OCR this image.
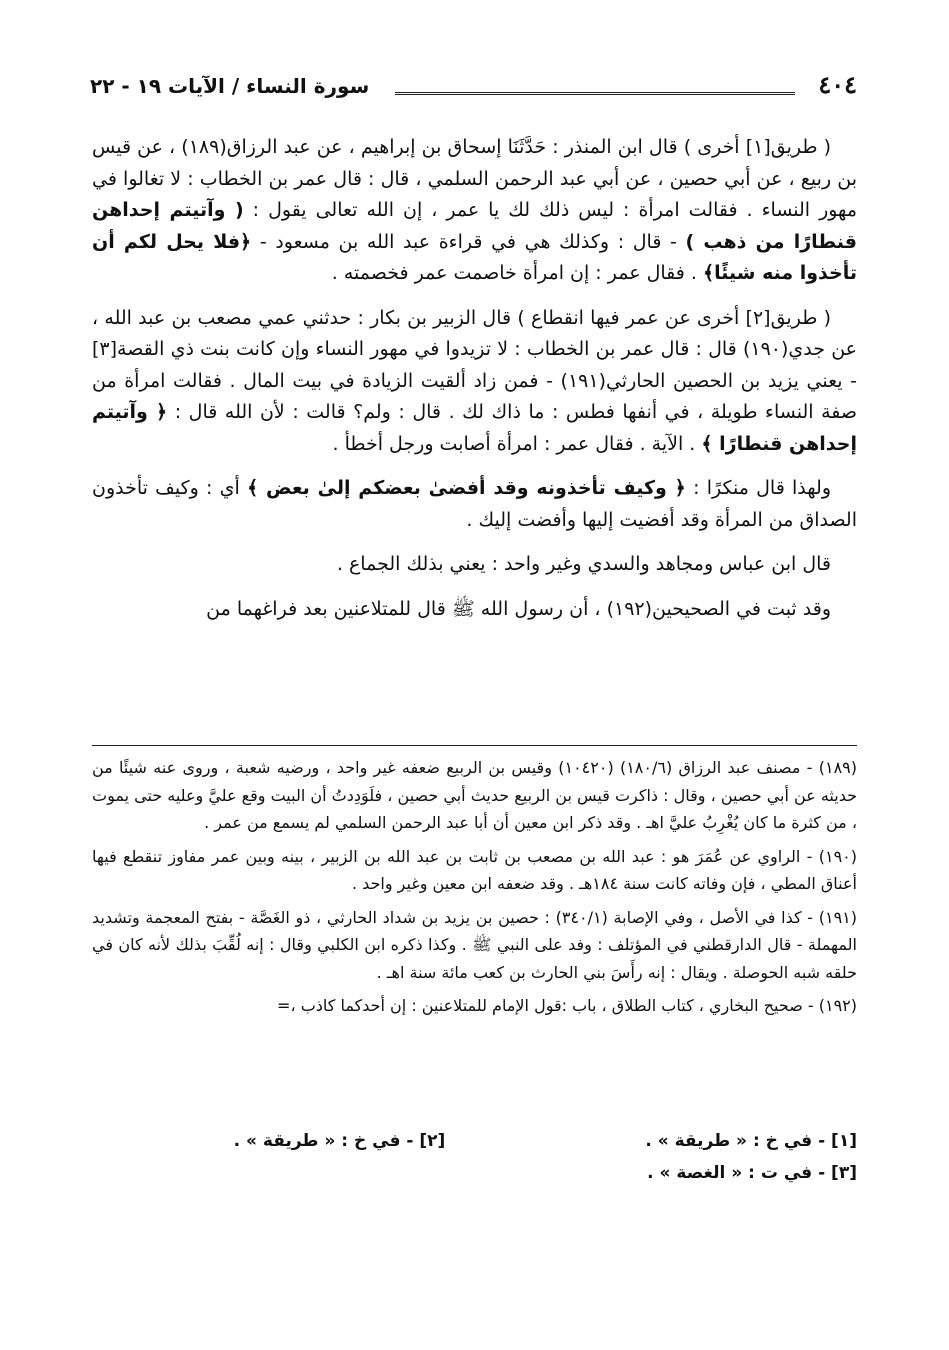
٤٠٤
سورة النساء / الآيات ١٩ - ٢٢

( طريق[١] أخرى ) قال ابن المنذر : حَدَّثَنَا إسحاق بن إبراهيم ، عن عبد الرزاق(١٨٩) ، عن قيس بن ربيع ، عن أبي حصين ، عن أبي عبد الرحمن السلمي ، قال : قال عمر بن الخطاب : لا تغالوا في مهور النساء . فقالت امرأة : ليس ذلك لك يا عمر ، إن الله تعالى يقول : ( وآتيتم إحداهن قنطارًا من ذهب ) - قال : وكذلك هي في قراءة عبد الله بن مسعود - ﴿فلا يحل لكم أن تأخذوا منه شيئًا﴾ . فقال عمر : إن امرأة خاصمت عمر فخصمته .

( طريق[٢] أخرى عن عمر فيها انقطاع ) قال الزبير بن بكار : حدثني عمي مصعب بن عبد الله ، عن جدي(١٩٠) قال : قال عمر بن الخطاب : لا تزيدوا في مهور النساء وإن كانت بنت ذي القصة[٣] - يعني يزيد بن الحصين الحارثي(١٩١) - فمن زاد ألقيت الزيادة في بيت المال . فقالت امرأة من صفة النساء طويلة ، في أنفها فطس : ما ذاك لك . قال : ولم؟ قالت : لأن الله قال : ﴿ وآتيتم إحداهن قنطارًا ﴾ . الآية . فقال عمر : امرأة أصابت ورجل أخطأ .

ولهذا قال منكرًا : ﴿ وكيف تأخذونه وقد أفضىٰ بعضكم إلىٰ بعض ﴾ أي : وكيف تأخذون الصداق من المرأة وقد أفضيت إليها وأفضت إليك .

قال ابن عباس ومجاهد والسدي وغير واحد : يعني بذلك الجماع .

وقد ثبت في الصحيحين(١٩٢) ، أن رسول الله ﷺ قال للمتلاعنين بعد فراغهما من

(١٨٩) - مصنف عبد الرزاق (١٨٠/٦) (١٠٤٢٠) وقيس بن الربيع ضعفه غير واحد ، ورضيه شعبة ، وروى عنه شيئًا من حديثه عن أبي حصين ، وقال : ذاكرت قيس بن الربيع حديث أبي حصين ، فلَوَدِدتُ أن البيت وقع عليَّ وعليه حتى يموت ، من كثرة ما كان يُغْرِبُ عليَّ اهـ . وقد ذكر ابن معين أن أبا عبد الرحمن السلمي لم يسمع من عمر .

(١٩٠) - الراوي عن عُمَرَ هو : عبد الله بن مصعب بن ثابت بن عبد الله بن الزبير ، بينه وبين عمر مفاوز تنقطع فيها أعناق المطي ، فإن وفاته كانت سنة ١٨٤هـ . وقد ضعفه ابن معين وغير واحد .

(١٩١) - كذا في الأصل ، وفي الإصابة (٣٤٠/١) : حصين بن يزيد بن شداد الحارثي ، ذو الغَصَّة - بفتح المعجمة وتشديد المهملة - قال الدارقطني في المؤتلف : وفد على النبي ﷺ . وكذا ذكره ابن الكلبي وقال : إنه لُقِّبَ بذلك لأنه كان في حلقه شبه الحوصلة . ويقال : إنه رأَسَ بني الحارث بن كعب مائة سنة اهـ .

(١٩٢) - صحيح البخاري ، كتاب الطلاق ، باب :قول الإمام للمتلاعنين : إن أحدكما كاذب ،=

[١] - في خ : « طريقة » .
[٢] - في خ : « طريقة » .
[٣] - في ت : « الغصة » .
